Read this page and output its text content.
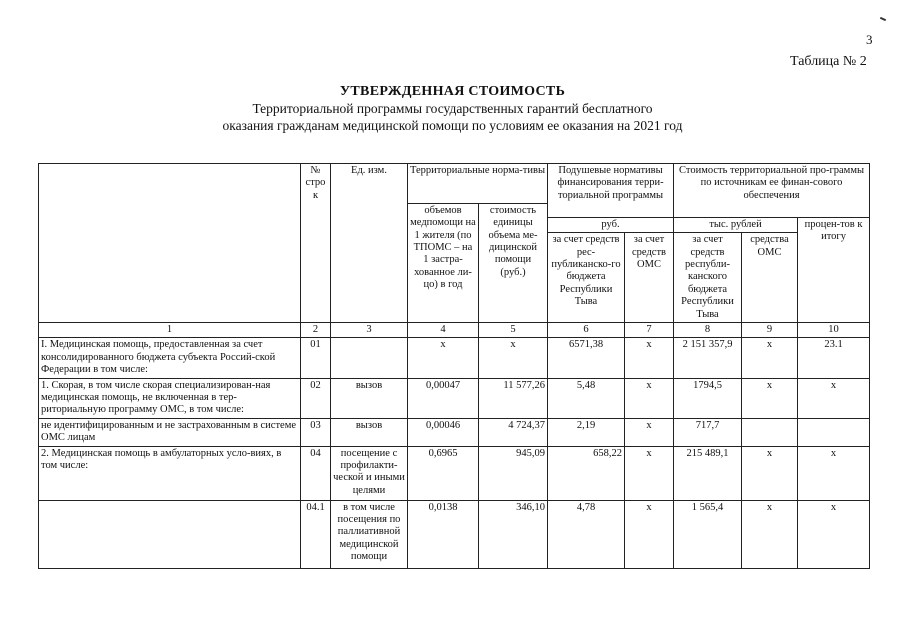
3
Таблица № 2
УТВЕРЖДЕННАЯ СТОИМОСТЬ
Территориальной программы государственных гарантий бесплатного
оказания гражданам медицинской помощи по условиям ее оказания на 2021 год
	№ стро к	Ед. изм.	Территориальные норма-тивы		Подушевые нормативы финансирования терри-ториальной программы		Стоимость территориальной про-граммы по источникам ее финан-сового обеспечения		
			объемов медпомощи на 1 жителя (по ТПОМС – на 1 застра-хованное ли-цо) в год	стоимость единицы объема ме-дицинской помощи (руб.)					
					руб.		тыс. рублей		процен-тов к итогу
					за счет средств рес-публиканско-го бюджета Республики Тыва	за счет средств ОМС	за счет средств республи-канского бюджета Республики Тыва	средства ОМС	
1	2	3	4	5	6	7	8	9	10
I. Медицинская помощь, предоставленная за счет консолидированного бюджета субъекта Россий-ской Федерации в том числе:	01		х	х	6571,38	х	2 151 357,9	х	23.1
1. Скорая, в том числе скорая специализирован-ная медицинская помощь, не включенная в тер-риториальную программу ОМС, в том числе:	02	вызов	0,00047	11 577,26	5,48	х	1794,5	х	х
не идентифицированным и не застрахованным в системе ОМС лицам	03	вызов	0,00046	4 724,37	2,19	х	717,7		
2. Медицинская помощь в амбулаторных усло-виях, в том числе:	04	посещение с профилакти-ческой и иными целями	0,6965	945,09	658,22	х	215 489,1	х	х
	04.1	в том числе посещения по паллиативной медицинской помощи	0,0138	346,10	4,78	х	1 565,4	х	х
